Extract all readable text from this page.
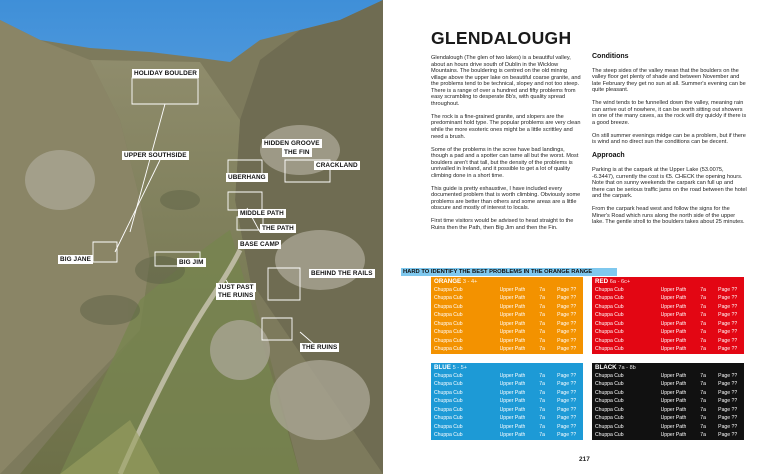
HOLIDAY BOULDER
HIDDEN GROOVE
THE FIN
UPPER SOUTHSIDE
CRACKLAND
UBERHANG
MIDDLE PATH
THE PATH
BASE CAMP
BIG JANE	BIG JIM
BEHIND THE RAILS
JUST PAST
THE RUINS
THE RUINS
GLENDALOUGH

Glendalough (The glen of two lakes) is a beautiful valley, about an hours drive south of Dublin in the Wicklow Mountains. The bouldering is centred on the old mining village above the upper lake on beautiful coarse granite, and the problems tend to be technical, slopey and not too steep. There is a range of over a hundred and fifty problems from easy scrambling to desperate 8b's, with quality spread throughout.

The rock is a fine-grained granite, and slopers are the predominant hold type. The popular problems are very clean while the more esoteric ones might be a little scrittley and need a brush.

Some of the problems in the scree have bad landings, though a pad and a spotter can tame all but the worst. Most boulders aren't that tall, but the density of the problems is unrivalled in Ireland, and it possible to get a lot of quality climbing done in a short time.

This guide is pretty exhaustive, I have included every documented problem that is worth climbing. Obviously some problems are better than others and some areas are a little obscure and mostly of interest to locals.

First time visitors would be advised to head straight to the Ruins then the Path, then Big Jim and then the Fin.

Conditions

The steep sides of the valley mean that the boulders on the valley floor get plenty of shade and between November and late February they get no sun at all. Summer's evening can be quite pleasant.

The wind tends to be funnelled down the valley, meaning rain can arrive out of nowhere, it can be worth sitting out showers in one of the many caves, as the rock will dry quickly if there is a good breeze.

On still summer evenings midge can be a problem, but if there is wind and no direct sun the conditions can be decent.

Approach

Parking is at the carpark at the Upper Lake (53.0075, -6.3447), currently the cost is €5. CHECK the opening hours. Note that on sunny weekends the carpark can full up and there can be serious traffic jams on the road between the hotel and the carpark.

From the carpark head west and follow the signs for the Miner's Road which runs along the north side of the upper lake. The gentle stroll to the boulders takes about 25 minutes.

HARD TO IDENTIFY THE BEST PROBLEMS IN THE ORANGE RANGE
ORANGE 3 - 4+
Chuppa Cub	Upper Path	7a	Page ??
Chuppa Cub	Upper Path	7a	Page ??
Chuppa Cub	Upper Path	7a	Page ??
Chuppa Cub	Upper Path	7a	Page ??
Chuppa Cub	Upper Path	7a	Page ??
Chuppa Cub	Upper Path	7a	Page ??
Chuppa Cub	Upper Path	7a	Page ??
Chuppa Cub	Upper Path	7a	Page ??
RED 6a - 6c+
Chuppa Cub	Upper Path	7a	Page ??
Chuppa Cub	Upper Path	7a	Page ??
Chuppa Cub	Upper Path	7a	Page ??
Chuppa Cub	Upper Path	7a	Page ??
Chuppa Cub	Upper Path	7a	Page ??
Chuppa Cub	Upper Path	7a	Page ??
Chuppa Cub	Upper Path	7a	Page ??
Chuppa Cub	Upper Path	7a	Page ??
BLUE 5 - 5+
Chuppa Cub	Upper Path	7a	Page ??
Chuppa Cub	Upper Path	7a	Page ??
Chuppa Cub	Upper Path	7a	Page ??
Chuppa Cub	Upper Path	7a	Page ??
Chuppa Cub	Upper Path	7a	Page ??
Chuppa Cub	Upper Path	7a	Page ??
Chuppa Cub	Upper Path	7a	Page ??
Chuppa Cub	Upper Path	7a	Page ??
BLACK 7a - 8b
Chuppa Cub	Upper Path	7a	Page ??
Chuppa Cub	Upper Path	7a	Page ??
Chuppa Cub	Upper Path	7a	Page ??
Chuppa Cub	Upper Path	7a	Page ??
Chuppa Cub	Upper Path	7a	Page ??
Chuppa Cub	Upper Path	7a	Page ??
Chuppa Cub	Upper Path	7a	Page ??
Chuppa Cub	Upper Path	7a	Page ??
217
